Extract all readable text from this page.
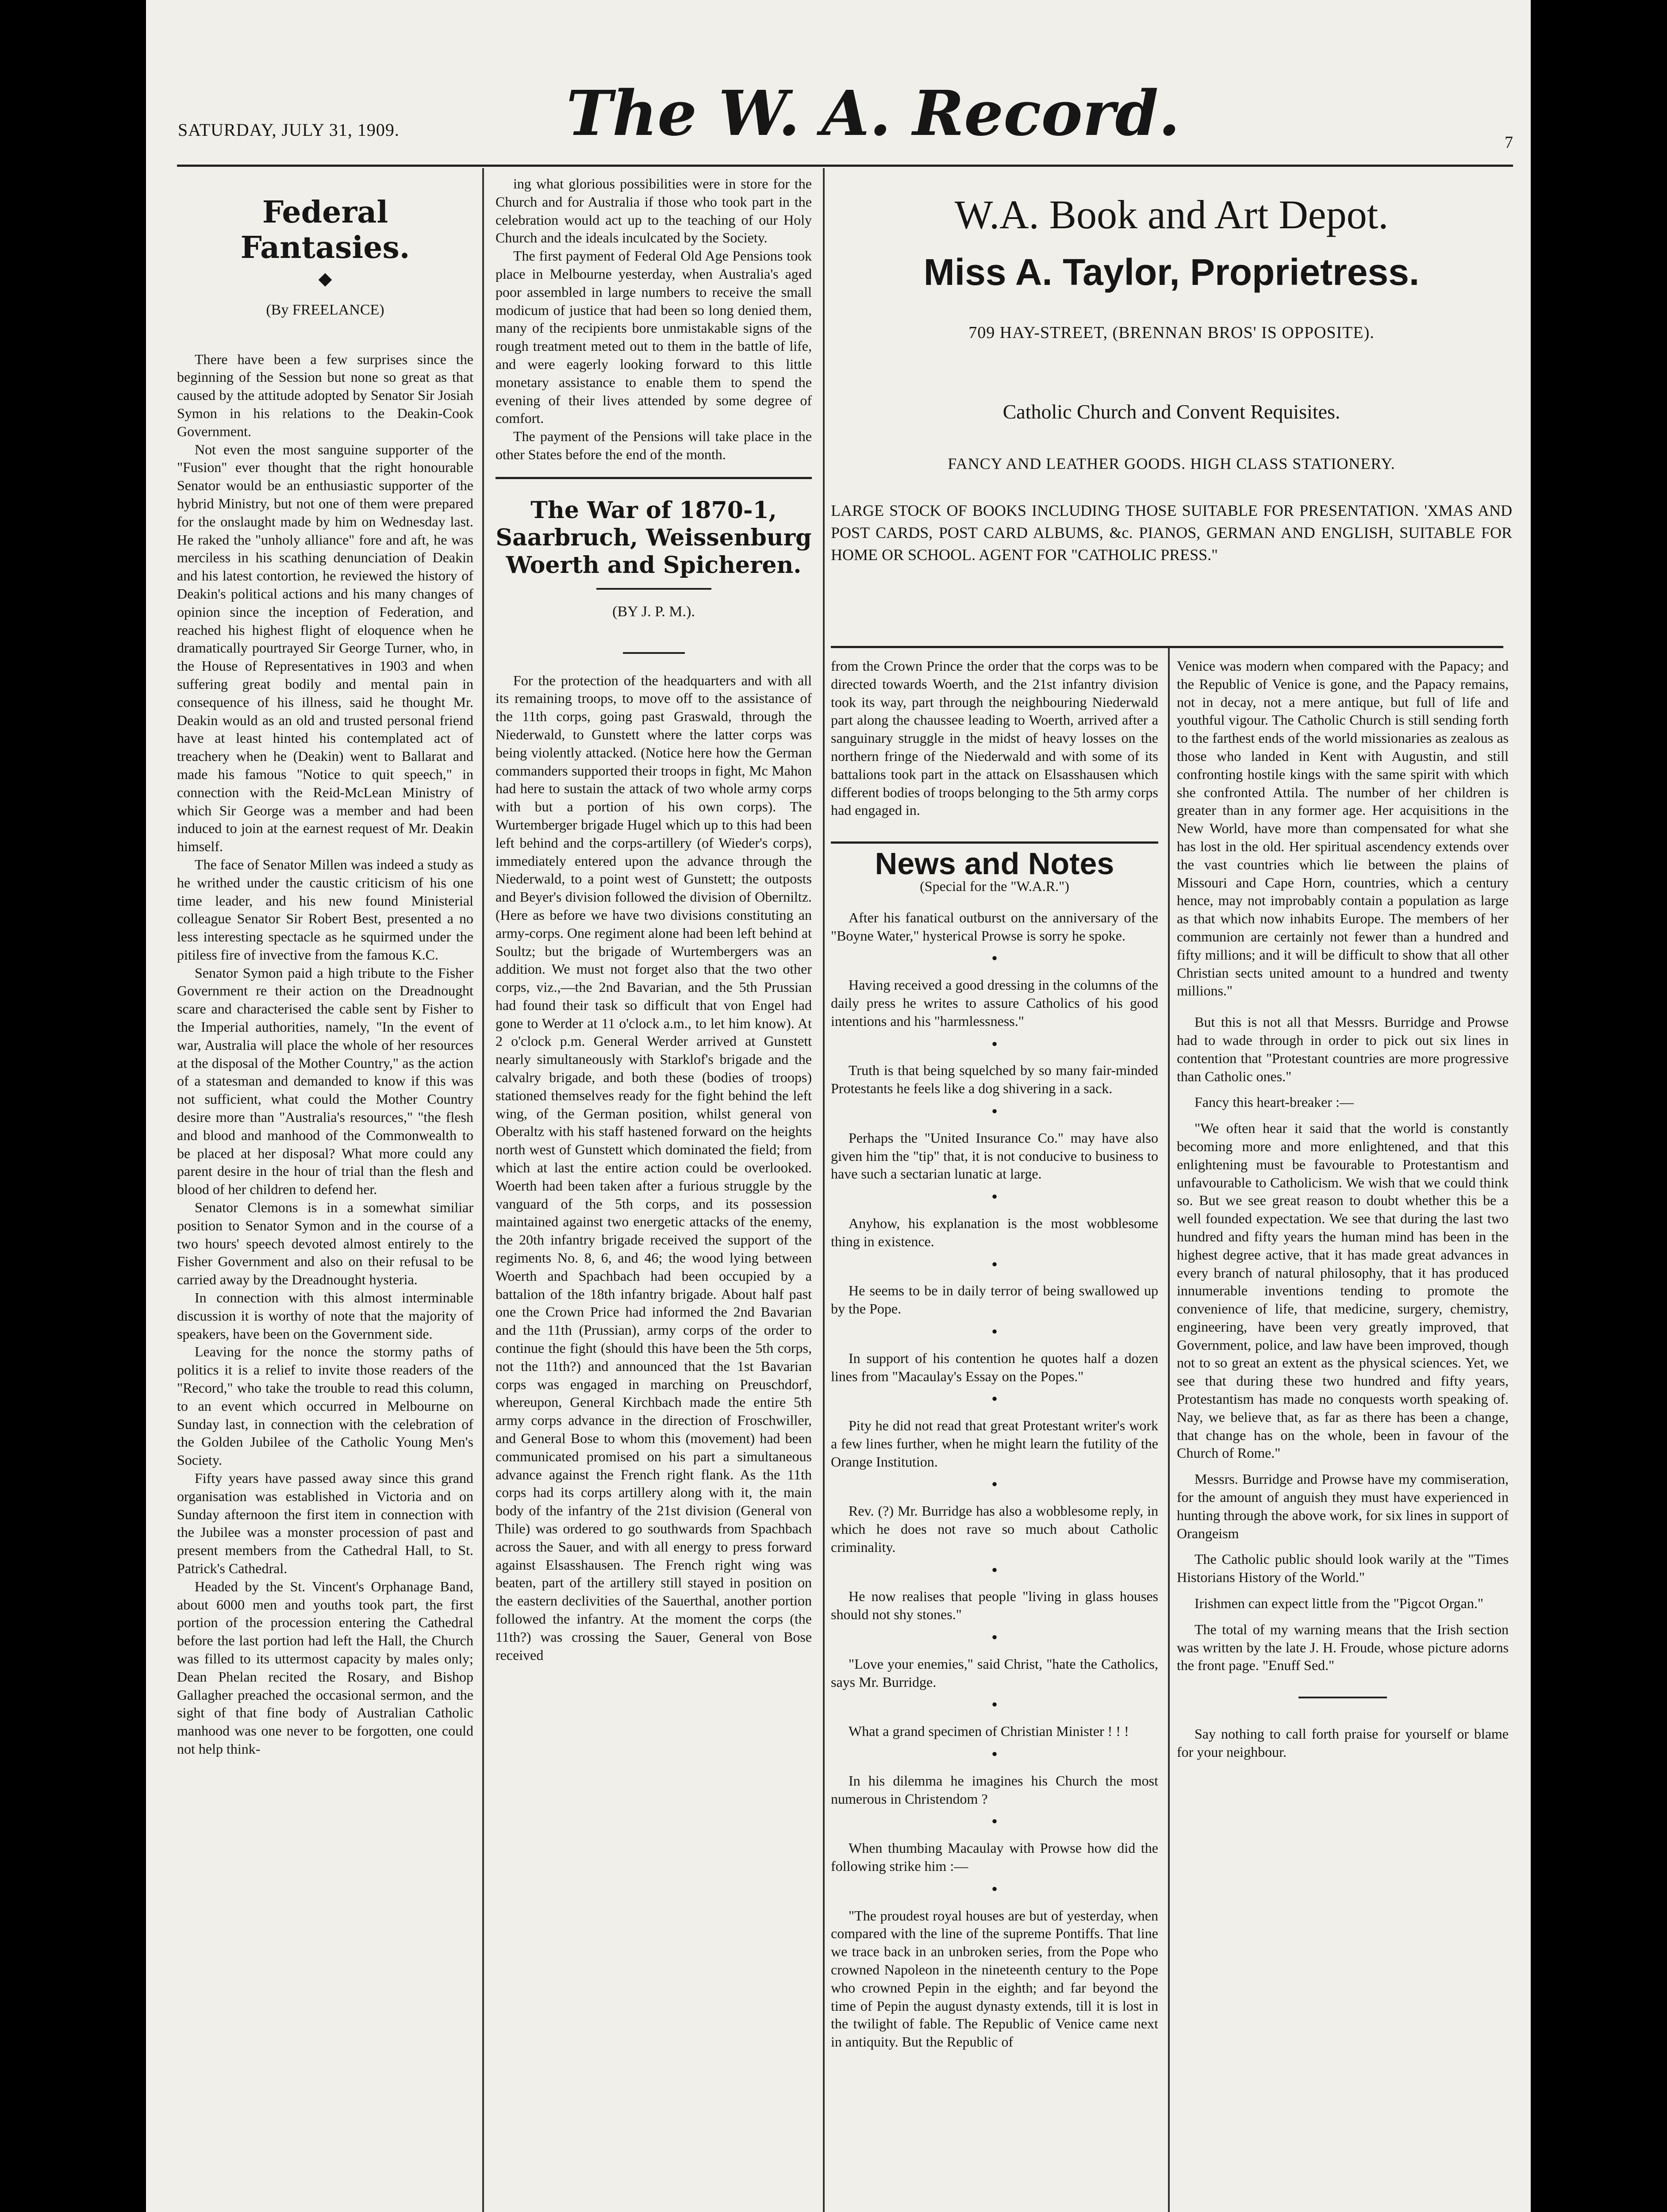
SATURDAY, JULY 31, 1909.	The W. A. Record.	7
Federal Fantasies.
◆
(By FREELANCE)

There have been a few surprises since the beginning of the Session but none so great as that caused by the attitude adopted by Senator Sir Josiah Symon in his relations to the Deakin-Cook Government.

Not even the most sanguine supporter of the "Fusion" ever thought that the right honourable Senator would be an enthusiastic supporter of the hybrid Ministry, but not one of them were prepared for the onslaught made by him on Wednesday last. He raked the "unholy alliance" fore and aft, he was merciless in his scathing denunciation of Deakin and his latest contortion, he reviewed the history of Deakin's political actions and his many changes of opinion since the inception of Federation, and reached his highest flight of eloquence when he dramatically pourtrayed Sir George Turner, who, in the House of Representatives in 1903 and when suffering great bodily and mental pain in consequence of his illness, said he thought Mr. Deakin would as an old and trusted personal friend have at least hinted his contemplated act of treachery when he (Deakin) went to Ballarat and made his famous "Notice to quit speech," in connection with the Reid-McLean Ministry of which Sir George was a member and had been induced to join at the earnest request of Mr. Deakin himself.

The face of Senator Millen was indeed a study as he writhed under the caustic criticism of his one time leader, and his new found Ministerial colleague Senator Sir Robert Best, presented a no less interesting spectacle as he squirmed under the pitiless fire of invective from the famous K.C.

Senator Symon paid a high tribute to the Fisher Government re their action on the Dreadnought scare and characterised the cable sent by Fisher to the Imperial authorities, namely, "In the event of war, Australia will place the whole of her resources at the disposal of the Mother Country," as the action of a statesman and demanded to know if this was not sufficient, what could the Mother Country desire more than "Australia's resources," "the flesh and blood and manhood of the Commonwealth to be placed at her disposal? What more could any parent desire in the hour of trial than the flesh and blood of her children to defend her.

Senator Clemons is in a somewhat similiar position to Senator Symon and in the course of a two hours' speech devoted almost entirely to the Fisher Government and also on their refusal to be carried away by the Dreadnought hysteria.

In connection with this almost interminable discussion it is worthy of note that the majority of speakers, have been on the Government side.

Leaving for the nonce the stormy paths of politics it is a relief to invite those readers of the "Record," who take the trouble to read this column, to an event which occurred in Melbourne on Sunday last, in connection with the celebration of the Golden Jubilee of the Catholic Young Men's Society.

Fifty years have passed away since this grand organisation was established in Victoria and on Sunday afternoon the first item in connection with the Jubilee was a monster procession of past and present members from the Cathedral Hall, to St. Patrick's Cathedral.

Headed by the St. Vincent's Orphanage Band, about 6000 men and youths took part, the first portion of the procession entering the Cathedral before the last portion had left the Hall, the Church was filled to its uttermost capacity by males only; Dean Phelan recited the Rosary, and Bishop Gallagher preached the occasional sermon, and the sight of that fine body of Australian Catholic manhood was one never to be forgotten, one could not help think-

ing what glorious possibilities were in store for the Church and for Australia if those who took part in the celebration would act up to the teaching of our Holy Church and the ideals inculcated by the Society.

The first payment of Federal Old Age Pensions took place in Melbourne yesterday, when Australia's aged poor assembled in large numbers to receive the small modicum of justice that had been so long denied them, many of the recipients bore unmistakable signs of the rough treatment meted out to them in the battle of life, and were eagerly looking forward to this little monetary assistance to enable them to spend the evening of their lives attended by some degree of comfort.

The payment of the Pensions will take place in the other States before the end of the month.

The War of 1870-1, Saarbruch, Weissenburg Woerth and Spicheren.
(BY J. P. M.).

For the protection of the headquarters and with all its remaining troops, to move off to the assistance of the 11th corps, going past Graswald, through the Niederwald, to Gunstett where the latter corps was being violently attacked. (Notice here how the German commanders supported their troops in fight, Mc Mahon had here to sustain the attack of two whole army corps with but a portion of his own corps). The Wurtemberger brigade Hugel which up to this had been left behind and the corps-artillery (of Wieder's corps), immediately entered upon the advance through the Niederwald, to a point west of Gunstett; the outposts and Beyer's division followed the division of Oberniltz. (Here as before we have two divisions constituting an army-corps. One regiment alone had been left behind at Soultz; but the brigade of Wurtembergers was an addition. We must not forget also that the two other corps, viz.,—the 2nd Bavarian, and the 5th Prussian had found their task so difficult that von Engel had gone to Werder at 11 o'clock a.m., to let him know). At 2 o'clock p.m. General Werder arrived at Gunstett nearly simultaneously with Starklof's brigade and the calvalry brigade, and both these (bodies of troops) stationed themselves ready for the fight behind the left wing, of the German position, whilst general von Oberaltz with his staff hastened forward on the heights north west of Gunstett which dominated the field; from which at last the entire action could be overlooked. Woerth had been taken after a furious struggle by the vanguard of the 5th corps, and its possession maintained against two energetic attacks of the enemy, the 20th infantry brigade received the support of the regiments No. 8, 6, and 46; the wood lying between Woerth and Spachbach had been occupied by a battalion of the 18th infantry brigade. About half past one the Crown Price had informed the 2nd Bavarian and the 11th (Prussian), army corps of the order to continue the fight (should this have been the 5th corps, not the 11th?) and announced that the 1st Bavarian corps was engaged in marching on Preuschdorf, whereupon, General Kirchbach made the entire 5th army corps advance in the direction of Froschwiller, and General Bose to whom this (movement) had been communicated promised on his part a simultaneous advance against the French right flank. As the 11th corps had its corps artillery along with it, the main body of the infantry of the 21st division (General von Thile) was ordered to go southwards from Spachbach across the Sauer, and with all energy to press forward against Elsasshausen. The French right wing was beaten, part of the artillery still stayed in position on the eastern declivities of the Sauerthal, another portion followed the infantry. At the moment the corps (the 11th?) was crossing the Sauer, General von Bose received

W.A. Book and Art Depot.
Miss A. Taylor, Proprietress.
709 HAY-STREET, (BRENNAN BROS' IS OPPOSITE).
Catholic Church and Convent Requisites.
FANCY AND LEATHER GOODS. HIGH CLASS STATIONERY.
LARGE STOCK OF BOOKS INCLUDING THOSE SUITABLE FOR PRESENTATION. 'XMAS AND POST CARDS, POST CARD ALBUMS, &c. PIANOS, GERMAN AND ENGLISH, SUITABLE FOR HOME OR SCHOOL. AGENT FOR "CATHOLIC PRESS."

from the Crown Prince the order that the corps was to be directed towards Woerth, and the 21st infantry division took its way, part through the neighbouring Niederwald part along the chaussee leading to Woerth, arrived after a sanguinary struggle in the midst of heavy losses on the northern fringe of the Niederwald and with some of its battalions took part in the attack on Elsasshausen which different bodies of troops belonging to the 5th army corps had engaged in.

News and Notes
(Special for the "W.A.R.")

After his fanatical outburst on the anniversary of the "Boyne Water," hysterical Prowse is sorry he spoke.

●

Having received a good dressing in the columns of the daily press he writes to assure Catholics of his good intentions and his "harmlessness."

●

Truth is that being squelched by so many fair-minded Protestants he feels like a dog shivering in a sack.

●

Perhaps the "United Insurance Co." may have also given him the "tip" that, it is not conducive to business to have such a sectarian lunatic at large.

●

Anyhow, his explanation is the most wobblesome thing in existence.

●

He seems to be in daily terror of being swallowed up by the Pope.

●

In support of his contention he quotes half a dozen lines from "Macaulay's Essay on the Popes."

●

Pity he did not read that great Protestant writer's work a few lines further, when he might learn the futility of the Orange Institution.

●

Rev. (?) Mr. Burridge has also a wobblesome reply, in which he does not rave so much about Catholic criminality.

●

He now realises that people "living in glass houses should not shy stones."

●

"Love your enemies," said Christ, "hate the Catholics, says Mr. Burridge.

●

What a grand specimen of Christian Minister ! ! !

●

In his dilemma he imagines his Church the most numerous in Christendom ?

●

When thumbing Macaulay with Prowse how did the following strike him :—

●

"The proudest royal houses are but of yesterday, when compared with the line of the supreme Pontiffs. That line we trace back in an unbroken series, from the Pope who crowned Napoleon in the nineteenth century to the Pope who crowned Pepin in the eighth; and far beyond the time of Pepin the august dynasty extends, till it is lost in the twilight of fable. The Republic of Venice came next in antiquity. But the Republic of

Venice was modern when compared with the Papacy; and the Republic of Venice is gone, and the Papacy remains, not in decay, not a mere antique, but full of life and youthful vigour. The Catholic Church is still sending forth to the farthest ends of the world missionaries as zealous as those who landed in Kent with Augustin, and still confronting hostile kings with the same spirit with which she confronted Attila. The number of her children is greater than in any former age. Her acquisitions in the New World, have more than compensated for what she has lost in the old. Her spiritual ascendency extends over the vast countries which lie between the plains of Missouri and Cape Horn, countries, which a century hence, may not improbably contain a population as large as that which now inhabits Europe. The members of her communion are certainly not fewer than a hundred and fifty millions; and it will be difficult to show that all other Christian sects united amount to a hundred and twenty millions."

But this is not all that Messrs. Burridge and Prowse had to wade through in order to pick out six lines in contention that "Protestant countries are more progressive than Catholic ones."

Fancy this heart-breaker :—

"We often hear it said that the world is constantly becoming more and more enlightened, and that this enlightening must be favourable to Protestantism and unfavourable to Catholicism. We wish that we could think so. But we see great reason to doubt whether this be a well founded expectation. We see that during the last two hundred and fifty years the human mind has been in the highest degree active, that it has made great advances in every branch of natural philosophy, that it has produced innumerable inventions tending to promote the convenience of life, that medicine, surgery, chemistry, engineering, have been very greatly improved, that Government, police, and law have been improved, though not to so great an extent as the physical sciences. Yet, we see that during these two hundred and fifty years, Protestantism has made no conquests worth speaking of. Nay, we believe that, as far as there has been a change, that change has on the whole, been in favour of the Church of Rome."

Messrs. Burridge and Prowse have my commiseration, for the amount of anguish they must have experienced in hunting through the above work, for six lines in support of Orangeism

The Catholic public should look warily at the "Times Historians History of the World."

Irishmen can expect little from the "Pigcot Organ."

The total of my warning means that the Irish section was written by the late J. H. Froude, whose picture adorns the front page. "Enuff Sed."

Say nothing to call forth praise for yourself or blame for your neighbour.
